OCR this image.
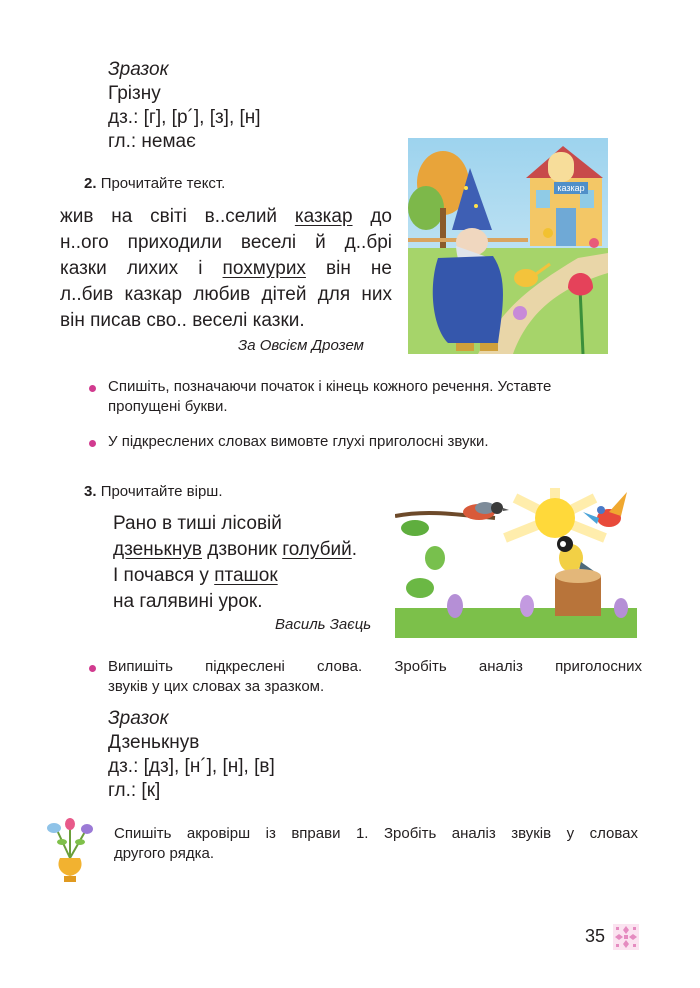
Зразок
Грізну
дз.: [г], [р´], [з], [н]
гл.: немає
2. Прочитайте текст.
жив на світі в..селий казкар до
н..ого приходили веселі й д..брі
казки лихих і похмурих він не
л..бив казкар любив дітей для них
він писав сво.. веселі казки.
За Овсієм Дрозем
казкар
Спишіть, позначаючи початок і кінець кожного речення. Уставте пропущені букви.
У підкреслених словах вимовте глухі приголосні звуки.
3. Прочитайте вірш.
Рано в тиші лісовій
дзенькнув дзвоник голубий.
І почався у пташок
на галявині урок.
Василь Заєць
Випишіть підкреслені слова. Зробіть аналіз приголосних
звуків у цих словах за зразком.
Зразок
Дзенькнув
дз.: [дз], [н´], [н], [в]
гл.: [к]
Спишіть акровірш із вправи 1. Зробіть аналіз звуків у словах
другого рядка.
35
